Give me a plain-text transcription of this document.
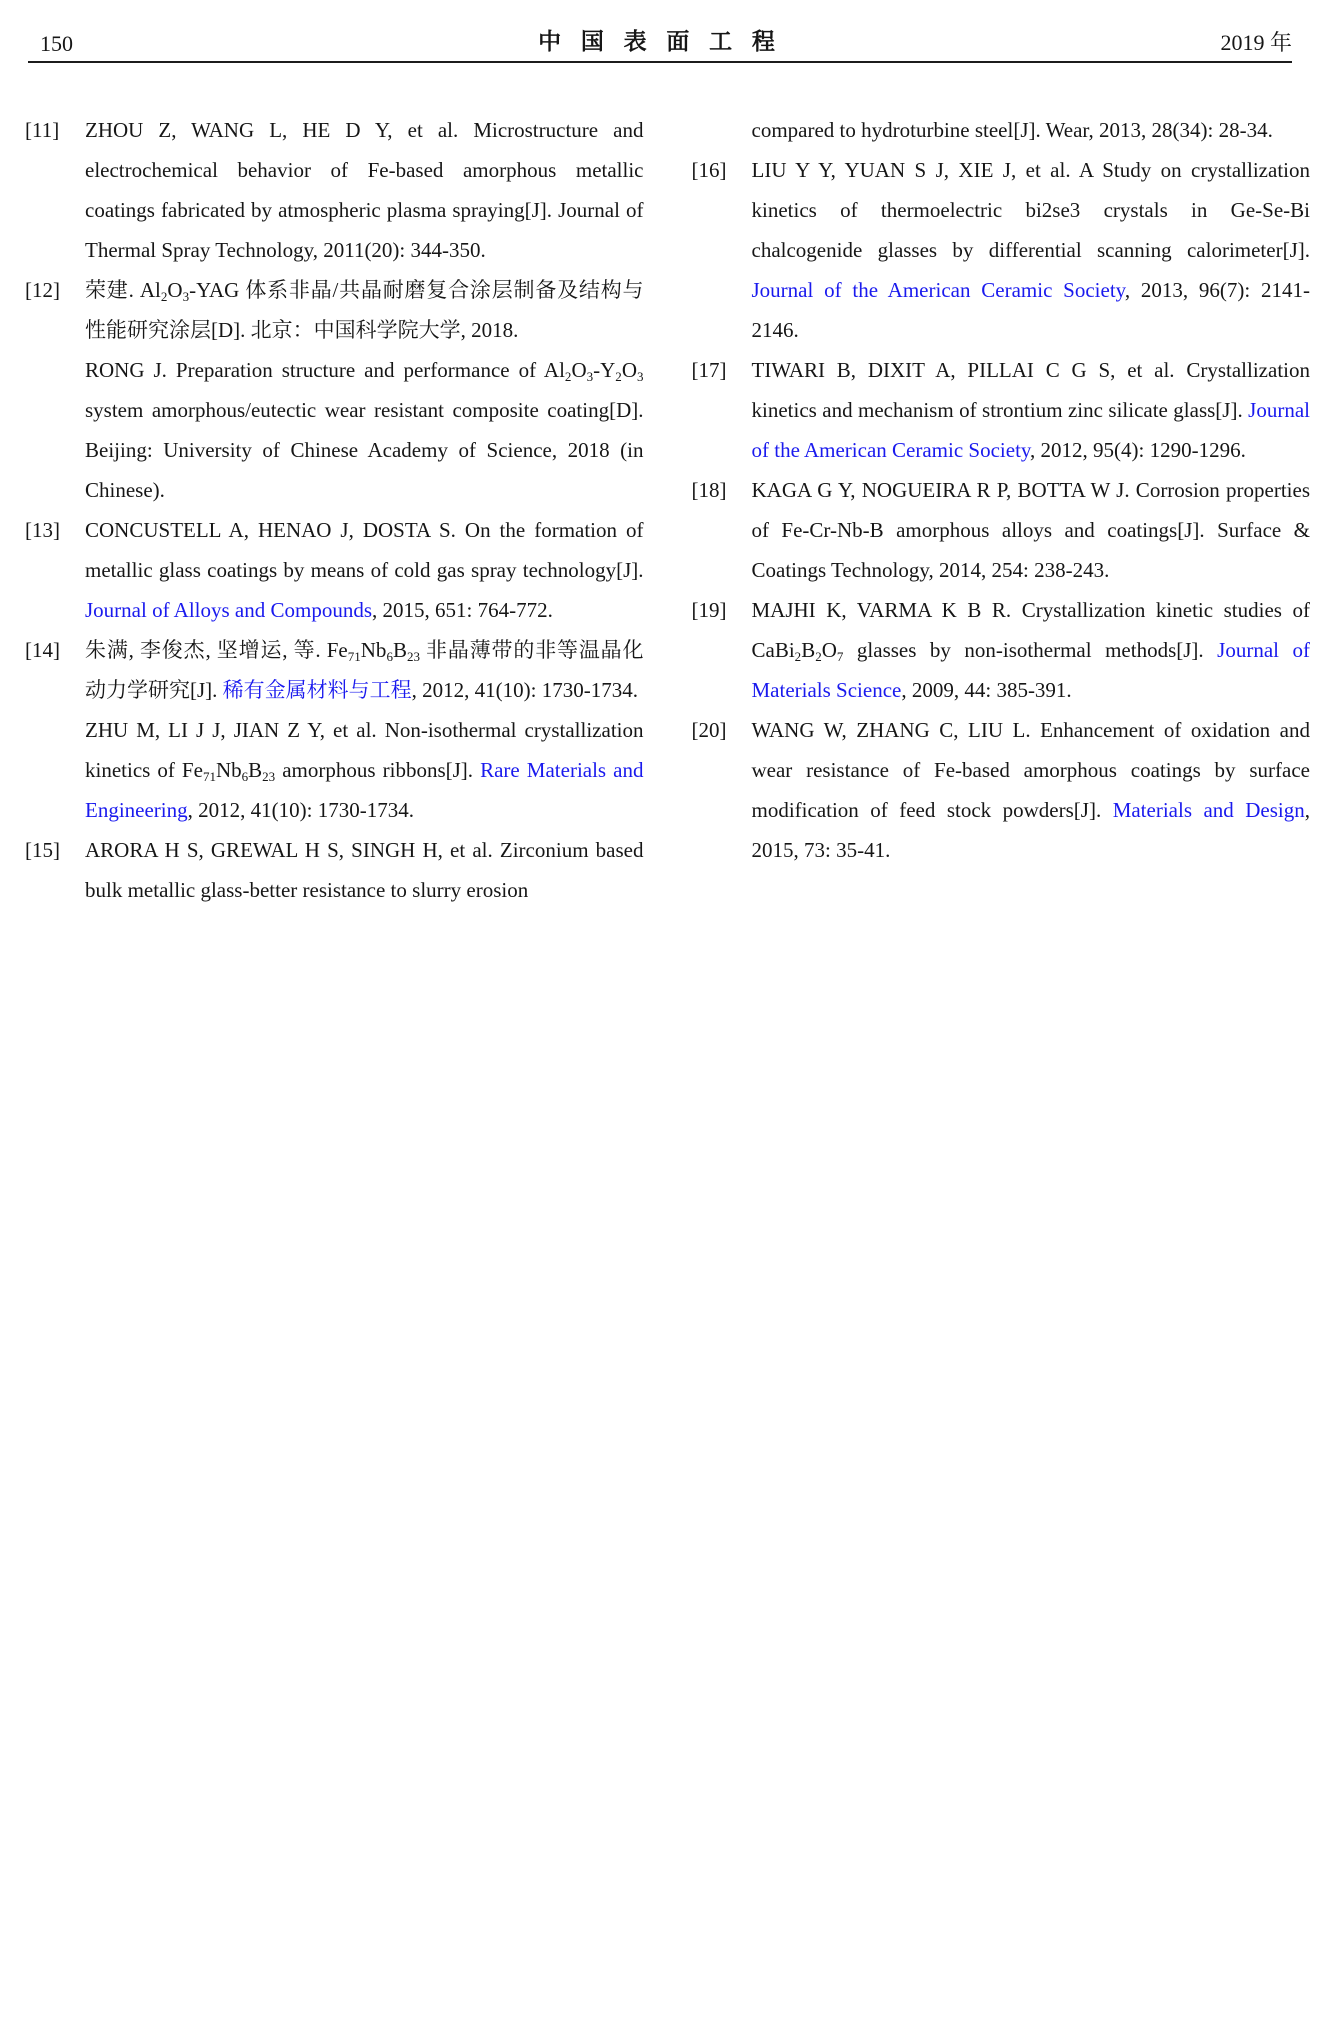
150	中 国 表 面 工 程	2019 年
[11]	ZHOU Z, WANG L, HE D Y, et al. Microstructure and electrochemical behavior of Fe-based amorphous metallic coatings fabricated by atmospheric plasma spraying[J]. Journal of Thermal Spray Technology, 2011(20): 344-350.
[12]	荣建. $Al_2O_3$-YAG 体系非晶/共晶耐磨复合涂层制备及结构与性能研究涂层[D]. 北京：中国科学院大学, 2018.
RONG J. Preparation structure and performance of $Al_2O_3-Y_2O_3$ system amorphous/eutectic wear resistant composite coating[D]. Beijing: University of Chinese Academy of Science, 2018 (in Chinese).
[13]	CONCUSTELL A, HENAO J, DOSTA S. On the formation of metallic glass coatings by means of cold gas spray technology[J]. Journal of Alloys and Compounds, 2015, 651: 764-772.
[14]	朱满, 李俊杰, 坚增运, 等. $Fe_{71}Nb_6B_{23}$ 非晶薄带的非等温晶化动力学研究[J]. 稀有金属材料与工程, 2012, 41(10): 1730-1734.
ZHU M, LI J J, JIAN Z Y, et al. Non-isothermal crystallization kinetics of $Fe_{71}Nb_6B_{23}$ amorphous ribbons[J]. Rare Materials and Engineering, 2012, 41(10): 1730-1734.
[15]	ARORA H S, GREWAL H S, SINGH H, et al. Zirconium based bulk metallic glass-better resistance to slurry erosion
compared to hydroturbine steel[J]. Wear, 2013, 28(34): 28-34.
[16]	LIU Y Y, YUAN S J, XIE J, et al. A Study on crystallization kinetics of thermoelectric bi2se3 crystals in Ge-Se-Bi chalcogenide glasses by differential scanning calorimeter[J]. Journal of the American Ceramic Society, 2013, 96(7): 2141-2146.
[17]	TIWARI B, DIXIT A, PILLAI C G S, et al. Crystallization kinetics and mechanism of strontium zinc silicate glass[J]. Journal of the American Ceramic Society, 2012, 95(4): 1290-1296.
[18]	KAGA G Y, NOGUEIRA R P, BOTTA W J. Corrosion properties of Fe-Cr-Nb-B amorphous alloys and coatings[J]. Surface & Coatings Technology, 2014, 254: 238-243.
[19]	MAJHI K, VARMA K B R. Crystallization kinetic studies of $CaBi_2B_2O_7$ glasses by non-isothermal methods[J]. Journal of Materials Science, 2009, 44: 385-391.
[20]	WANG W, ZHANG C, LIU L. Enhancement of oxidation and wear resistance of Fe-based amorphous coatings by surface modification of feed stock powders[J]. Materials and Design, 2015, 73: 35-41.
